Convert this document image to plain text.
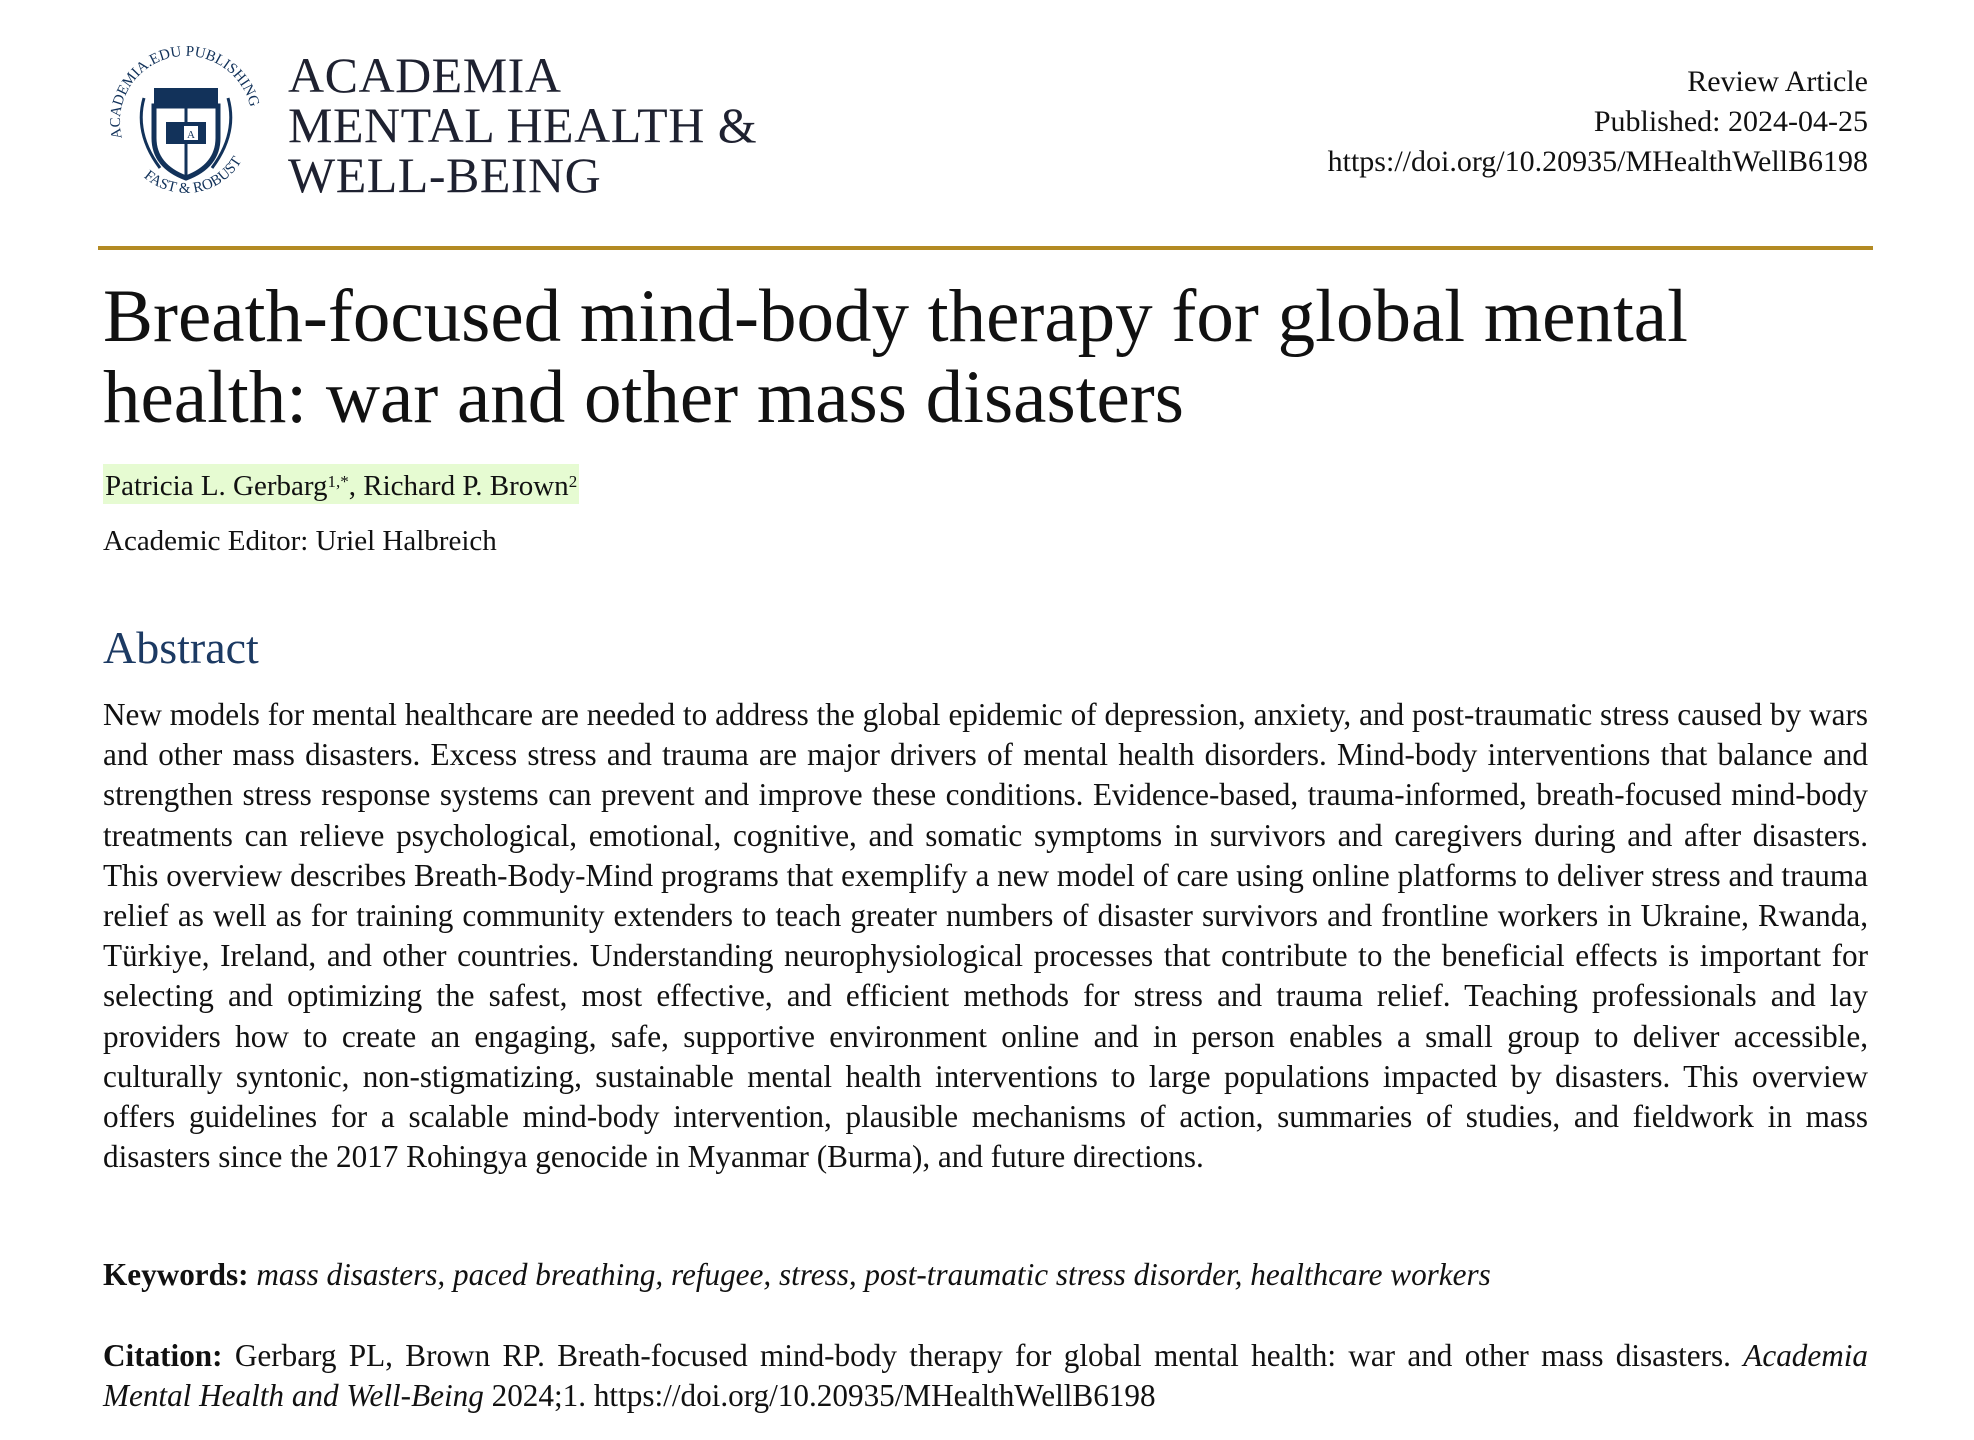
ACADEMIA.EDU PUBLISHING
FAST & ROBUST
A
ACADEMIA
MENTAL HEALTH &
WELL-BEING
Review Article
Published: 2024-04-25
https://doi.org/10.20935/MHealthWellB6198
Breath-focused mind-body therapy for global mental health: war and other mass disasters
Patricia L. Gerbarg$^{1,*}$, Richard P. Brown$^2$
Academic Editor: Uriel Halbreich
Abstract

New models for mental healthcare are needed to address the global epidemic of depression, anxiety, and post-traumatic stress caused by wars and other mass disasters. Excess stress and trauma are major drivers of mental health disorders. Mind-body interventions that balance and strengthen stress response systems can prevent and improve these conditions. Evidence-based, trauma-informed, breath-focused mind-body treatments can relieve psychological, emotional, cognitive, and somatic symptoms in survivors and caregivers during and after disasters. This overview describes Breath-Body-Mind programs that exemplify a new model of care using online platforms to deliver stress and trauma relief as well as for training community extenders to teach greater numbers of disaster survivors and frontline workers in Ukraine, Rwanda, Türkiye, Ireland, and other countries. Understanding neurophysiological processes that contribute to the beneficial effects is important for selecting and optimizing the safest, most effective, and efficient methods for stress and trauma relief. Teaching professionals and lay providers how to create an engaging, safe, supportive environment online and in person enables a small group to deliver accessible, culturally syntonic, non-stigmatizing, sustainable mental health interventions to large populations impacted by disasters. This overview offers guidelines for a scalable mind-body intervention, plausible mechanisms of action, summaries of studies, and fieldwork in mass disasters since the 2017 Rohingya genocide in Myanmar (Burma), and future directions.

Keywords: mass disasters, paced breathing, refugee, stress, post-traumatic stress disorder, healthcare workers

Citation: Gerbarg PL, Brown RP. Breath-focused mind-body therapy for global mental health: war and other mass disasters. Academia Mental Health and Well-Being 2024;1. https://doi.org/10.20935/MHealthWellB6198
